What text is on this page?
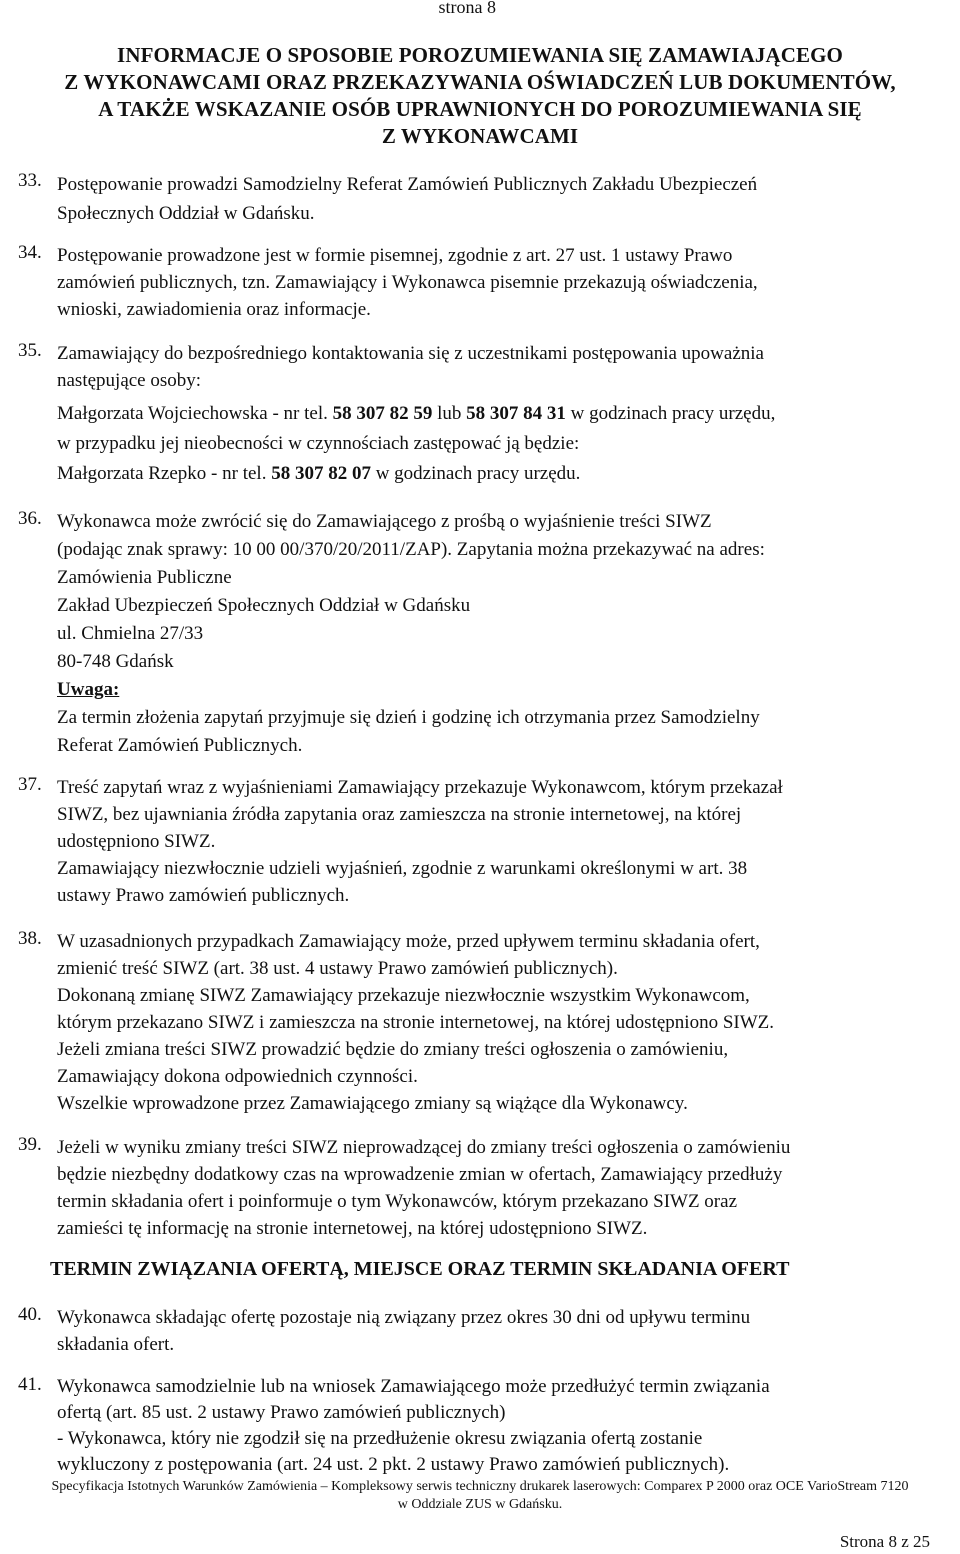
strona 8
INFORMACJE O SPOSOBIE POROZUMIEWANIA SIĘ ZAMAWIAJĄCEGO
Z WYKONAWCAMI ORAZ PRZEKAZYWANIA OŚWIADCZEŃ LUB DOKUMENTÓW,
A TAKŻE WSKAZANIE OSÓB UPRAWNIONYCH DO POROZUMIEWANIA SIĘ
Z WYKONAWCAMI
33. Postępowanie prowadzi Samodzielny Referat Zamówień Publicznych Zakładu Ubezpieczeń

Społecznych Oddział w Gdańsku.

34. Postępowanie prowadzone jest w formie pisemnej, zgodnie z art. 27 ust. 1 ustawy Prawo

zamówień publicznych, tzn. Zamawiający i Wykonawca pisemnie przekazują oświadczenia,

wnioski, zawiadomienia oraz informacje.

35. Zamawiający do bezpośredniego kontaktowania się z uczestnikami postępowania upoważnia

następujące osoby:

Małgorzata Wojciechowska - nr tel. 58 307 82 59 lub 58 307 84 31 w godzinach pracy urzędu,

w przypadku jej nieobecności w czynnościach zastępować ją będzie:

Małgorzata Rzepko - nr tel. 58 307 82 07 w godzinach pracy urzędu.

36. Wykonawca może zwrócić się do Zamawiającego z prośbą o wyjaśnienie treści SIWZ

(podając znak sprawy: 10 00 00/370/20/2011/ZAP). Zapytania można przekazywać na adres:

Zamówienia Publiczne

Zakład Ubezpieczeń Społecznych Oddział w Gdańsku

ul. Chmielna 27/33

80-748 Gdańsk

Uwaga:

Za termin złożenia zapytań przyjmuje się dzień i godzinę ich otrzymania przez Samodzielny

Referat Zamówień Publicznych.

37. Treść zapytań wraz z wyjaśnieniami Zamawiający przekazuje Wykonawcom, którym przekazał

SIWZ, bez ujawniania źródła zapytania oraz zamieszcza na stronie internetowej, na której

udostępniono SIWZ.

Zamawiający niezwłocznie udzieli wyjaśnień, zgodnie z warunkami określonymi w art. 38

ustawy Prawo zamówień publicznych.

38. W uzasadnionych przypadkach Zamawiający może, przed upływem terminu składania ofert,

zmienić treść SIWZ (art. 38 ust. 4 ustawy Prawo zamówień publicznych).

Dokonaną zmianę SIWZ Zamawiający przekazuje niezwłocznie wszystkim Wykonawcom,

którym przekazano SIWZ i zamieszcza na stronie internetowej, na której udostępniono SIWZ.

Jeżeli zmiana treści SIWZ prowadzić będzie do zmiany treści ogłoszenia o zamówieniu,

Zamawiający dokona odpowiednich czynności.

Wszelkie wprowadzone przez Zamawiającego zmiany są wiążące dla Wykonawcy.

39. Jeżeli w wyniku zmiany treści SIWZ nieprowadzącej do zmiany treści ogłoszenia o zamówieniu

będzie niezbędny dodatkowy czas na wprowadzenie zmian w ofertach, Zamawiający przedłuży

termin składania ofert i poinformuje o tym Wykonawców, którym przekazano SIWZ oraz

zamieści tę informację na stronie internetowej, na której udostępniono SIWZ.

TERMIN ZWIĄZANIA OFERTĄ, MIEJSCE ORAZ TERMIN SKŁADANIA OFERT
40. Wykonawca składając ofertę pozostaje nią związany przez okres 30 dni od upływu terminu

składania ofert.

41. Wykonawca samodzielnie lub na wniosek Zamawiającego może przedłużyć termin związania

ofertą (art. 85 ust. 2 ustawy Prawo zamówień publicznych)

- Wykonawca, który nie zgodził się na przedłużenie okresu związania ofertą zostanie

wykluczony z postępowania (art. 24 ust. 2 pkt. 2 ustawy Prawo zamówień publicznych).

Specyfikacja Istotnych Warunków Zamówienia – Kompleksowy serwis techniczny drukarek laserowych: Comparex P 2000 oraz OCE VarioStream 7120
w Oddziale ZUS w Gdańsku.
Strona 8 z 25
